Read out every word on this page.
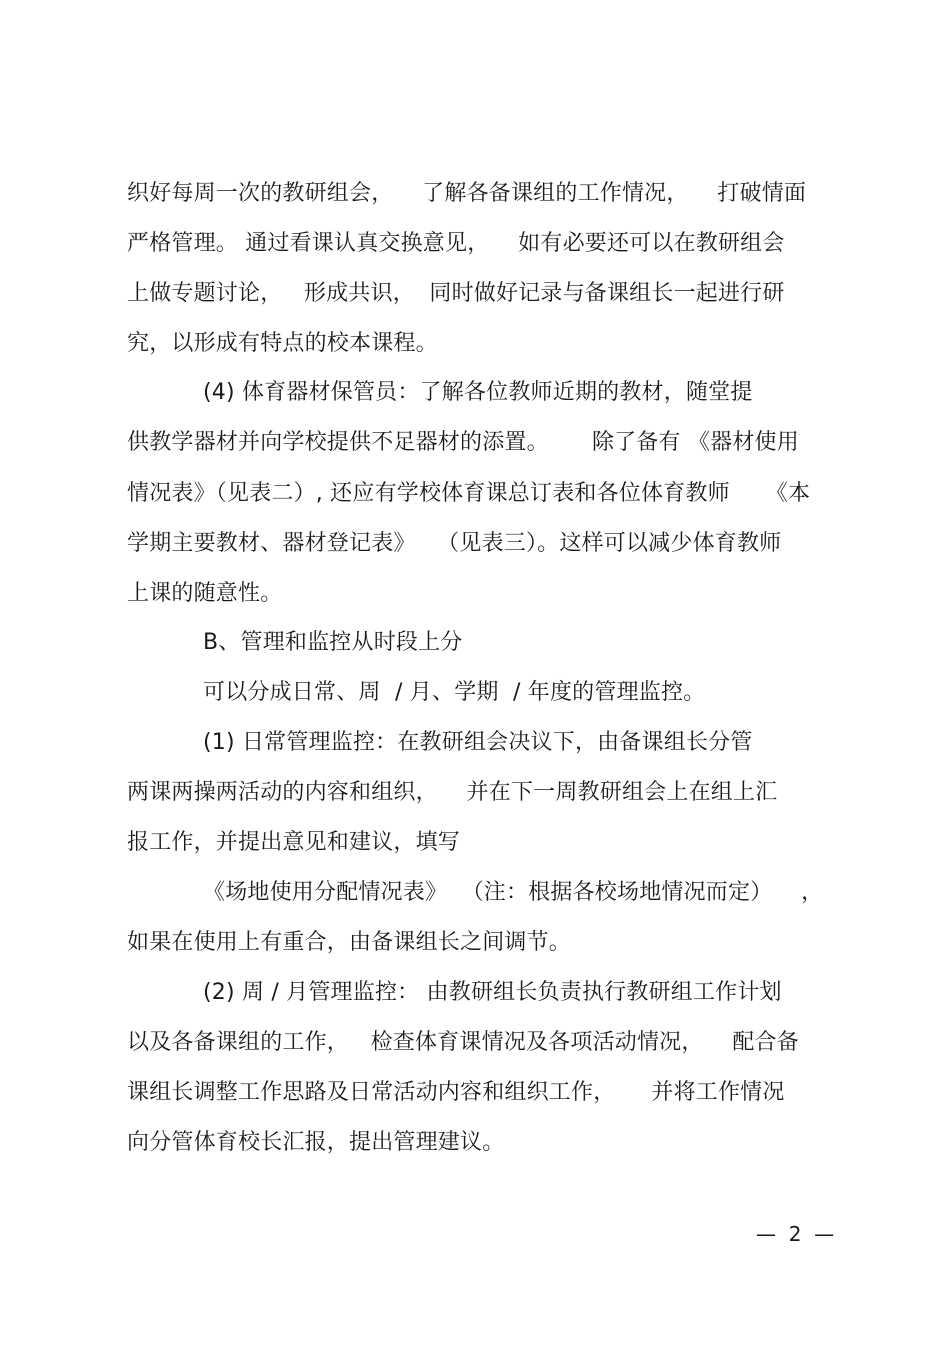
织好每周一次的教研组会，    了解各备课组的工作情况，    打破情面
严格管理。 通过看课认真交换意见，    如有必要还可以在教研组会
上做专题讨论，   形成共识，  同时做好记录与备课组长一起进行研
究，以形成有特点的校本课程。
(4) 体育器材保管员：了解各位教师近期的教材，随堂提
供教学器材并向学校提供不足器材的添置。      除了备有 《器材使用
情况表》（见表二）, 还应有学校体育课总订表和各位体育教师     《本
学期主要教材、器材登记表》   （见表三）。这样可以减少体育教师
上课的随意性。
B、管理和监控从时段上分
可以分成日常、周  / 月、学期  / 年度的管理监控。
(1) 日常管理监控：在教研组会决议下，由备课组长分管
两课两操两活动的内容和组织，    并在下一周教研组会上在组上汇
报工作，并提出意见和建议，填写
《场地使用分配情况表》  （注：根据各校场地情况而定）    ，
如果在使用上有重合，由备课组长之间调节。
(2) 周 / 月管理监控： 由教研组长负责执行教研组工作计划
以及各备课组的工作，   检查体育课情况及各项活动情况，    配合备
课组长调整工作思路及日常活动内容和组织工作，     并将工作情况
向分管体育校长汇报，提出管理建议。
—  2  —
